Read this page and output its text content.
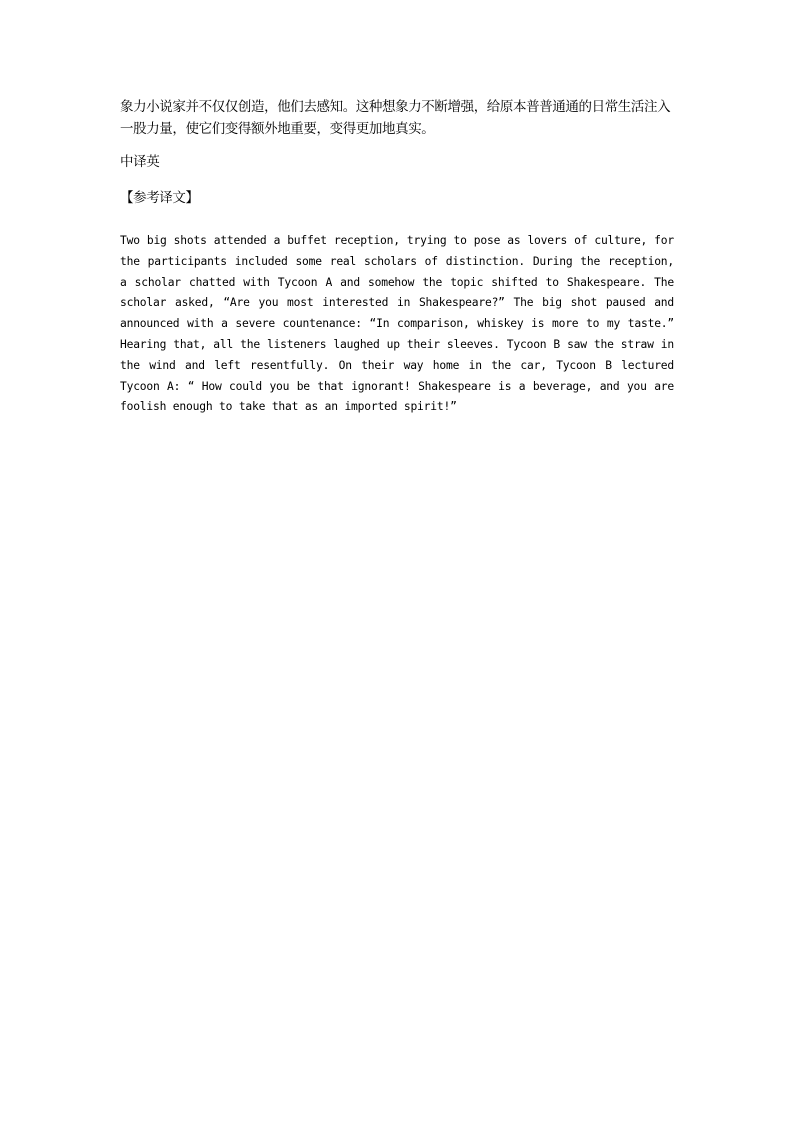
象力小说家并不仅仅创造，他们去感知。这种想象力不断增强，给原本普普通通的日常生活注入一股力量，使它们变得额外地重要，变得更加地真实。

中译英

【参考译文】

Two big shots attended a buffet reception, trying to pose as lovers of culture, for the participants included some real scholars of distinction. During the reception, a scholar chatted with Tycoon A and somehow the topic shifted to Shakespeare. The scholar asked, “Are you most interested in Shakespeare?” The big shot paused and announced with a severe countenance: “In comparison, whiskey is more to my taste.” Hearing that, all the listeners laughed up their sleeves. Tycoon B saw the straw in the wind and left resentfully. On their way home in the car, Tycoon B lectured Tycoon A: “ How could you be that ignorant! Shakespeare is a beverage, and you are foolish enough to take that as an imported spirit!”
